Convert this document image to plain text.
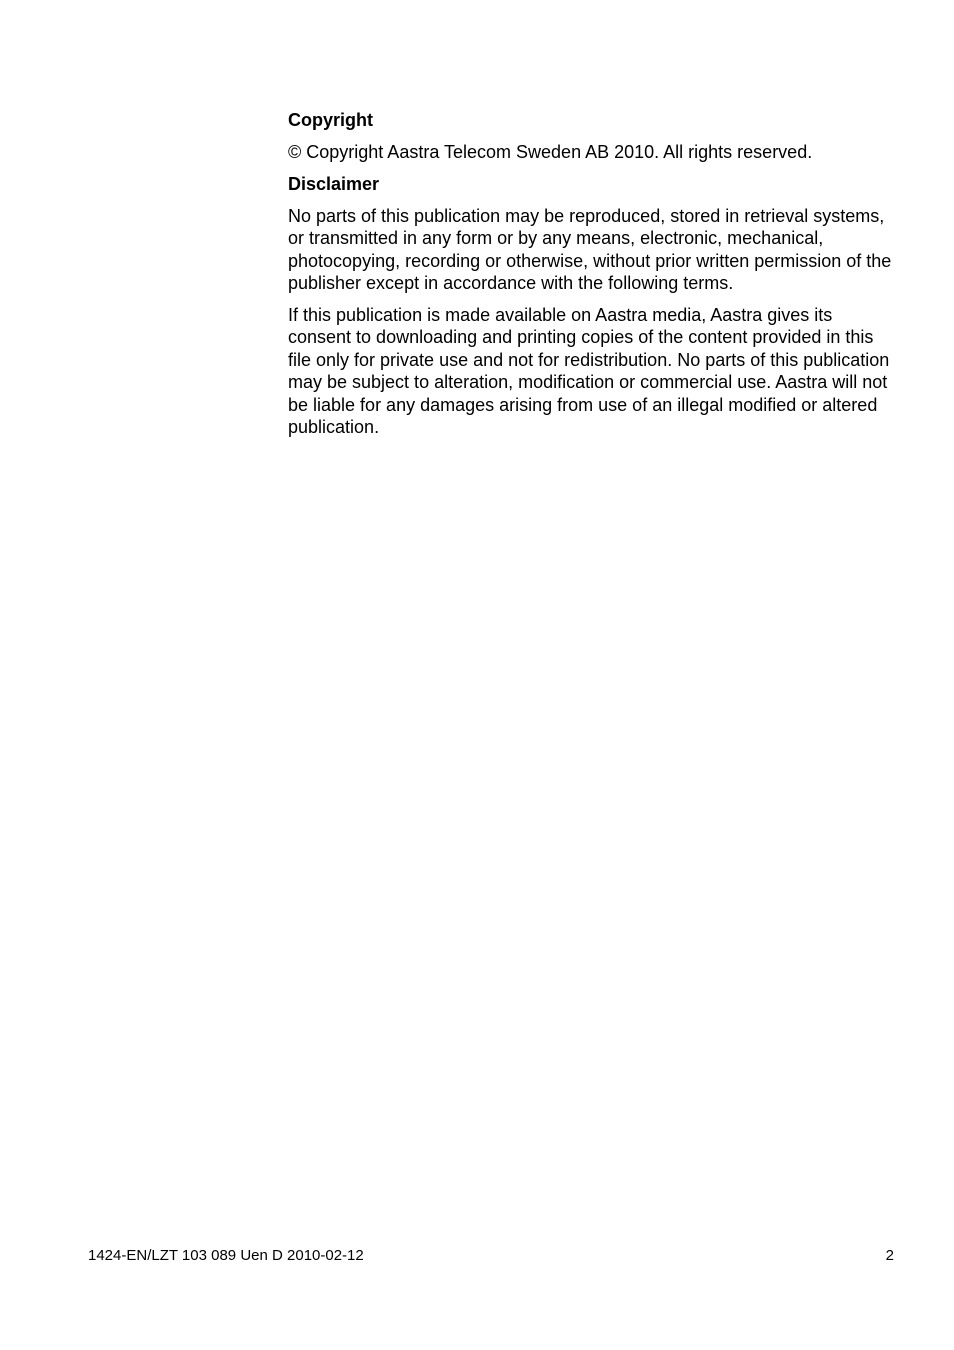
Copyright
© Copyright Aastra Telecom Sweden AB 2010. All rights reserved.
Disclaimer
No parts of this publication may be reproduced, stored in retrieval systems, or transmitted in any form or by any means, electronic, mechanical, photocopying, recording or otherwise, without prior written permission of the publisher except in accordance with the following terms.
If this publication is made available on Aastra media, Aastra gives its consent to downloading and printing copies of the content provided in this file only for private use and not for redistribution. No parts of this publication may be subject to alteration, modification or commercial use. Aastra will not be liable for any damages arising from use of an illegal modified or altered publication.
1424-EN/LZT 103 089 Uen D 2010-02-12	2
